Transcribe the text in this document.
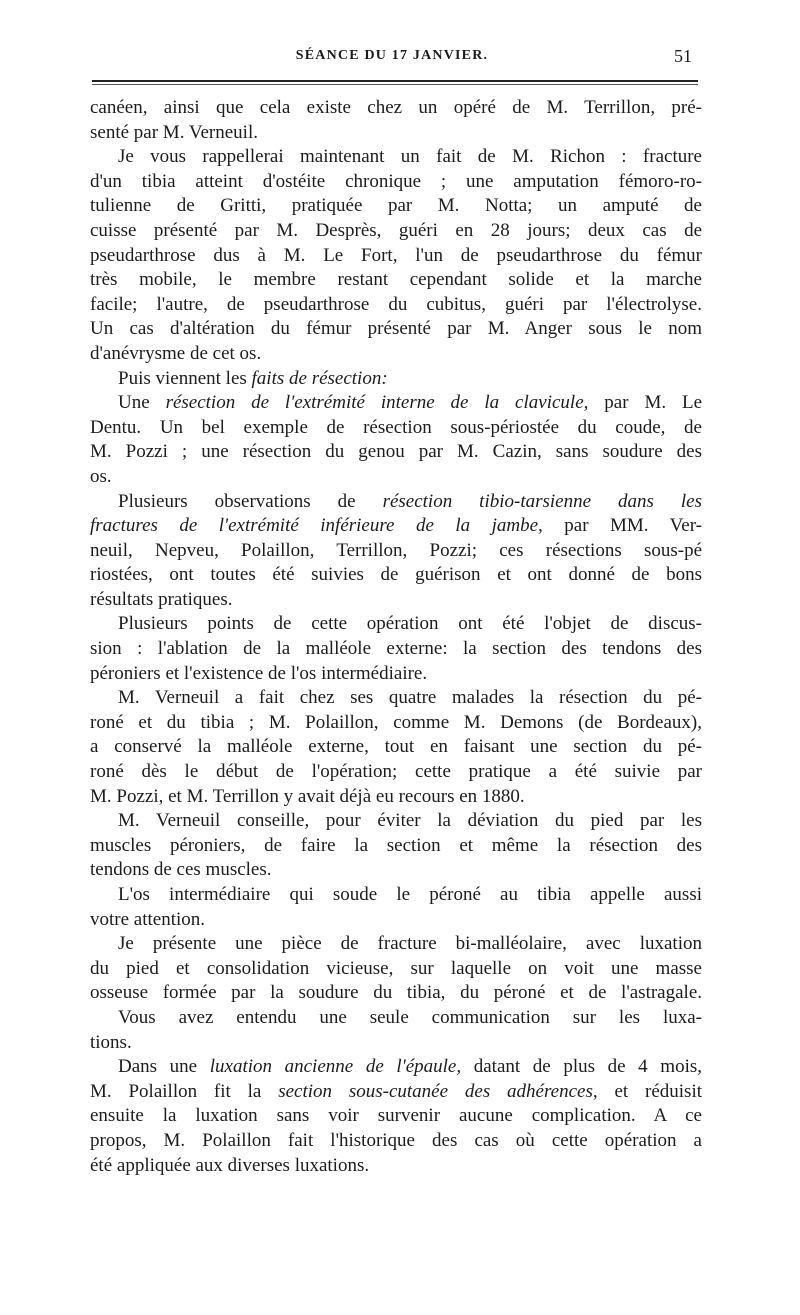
SÉANCE DU 17 JANVIER.	51
canéen, ainsi que cela existe chez un opéré de M. Terrillon, pré-
senté par M. Verneuil.
Je vous rappellerai maintenant un fait de M. Richon : fracture
d'un tibia atteint d'ostéite chronique ; une amputation fémoro-ro-
tulienne de Gritti, pratiquée par M. Notta; un amputé de
cuisse présenté par M. Desprès, guéri en 28 jours; deux cas de
pseudarthrose dus à M. Le Fort, l'un de pseudarthrose du fémur
très mobile, le membre restant cependant solide et la marche
facile; l'autre, de pseudarthrose du cubitus, guéri par l'électrolyse.
Un cas d'altération du fémur présenté par M. Anger sous le nom
d'anévrysme de cet os.
Puis viennent les faits de résection:
Une résection de l'extrémité interne de la clavicule, par M. Le
Dentu. Un bel exemple de résection sous-périostée du coude, de
M. Pozzi ; une résection du genou par M. Cazin, sans soudure des
os.
Plusieurs observations de résection tibio-tarsienne dans les
fractures de l'extrémité inférieure de la jambe, par MM. Ver-
neuil, Nepveu, Polaillon, Terrillon, Pozzi; ces résections sous-pé
riostées, ont toutes été suivies de guérison et ont donné de bons
résultats pratiques.
Plusieurs points de cette opération ont été l'objet de discus-
sion : l'ablation de la malléole externe: la section des tendons des
péroniers et l'existence de l'os intermédiaire.
M. Verneuil a fait chez ses quatre malades la résection du pé-
roné et du tibia ; M. Polaillon, comme M. Demons (de Bordeaux),
a conservé la malléole externe, tout en faisant une section du pé-
roné dès le début de l'opération; cette pratique a été suivie par
M. Pozzi, et M. Terrillon y avait déjà eu recours en 1880.
M. Verneuil conseille, pour éviter la déviation du pied par les
muscles péroniers, de faire la section et même la résection des
tendons de ces muscles.
L'os intermédiaire qui soude le péroné au tibia appelle aussi
votre attention.
Je présente une pièce de fracture bi-malléolaire, avec luxation
du pied et consolidation vicieuse, sur laquelle on voit une masse
osseuse formée par la soudure du tibia, du péroné et de l'astragale.
Vous avez entendu une seule communication sur les luxa-
tions.
Dans une luxation ancienne de l'épaule, datant de plus de 4 mois,
M. Polaillon fit la section sous-cutanée des adhérences, et réduisit
ensuite la luxation sans voir survenir aucune complication. A ce
propos, M. Polaillon fait l'historique des cas où cette opération a
été appliquée aux diverses luxations.
